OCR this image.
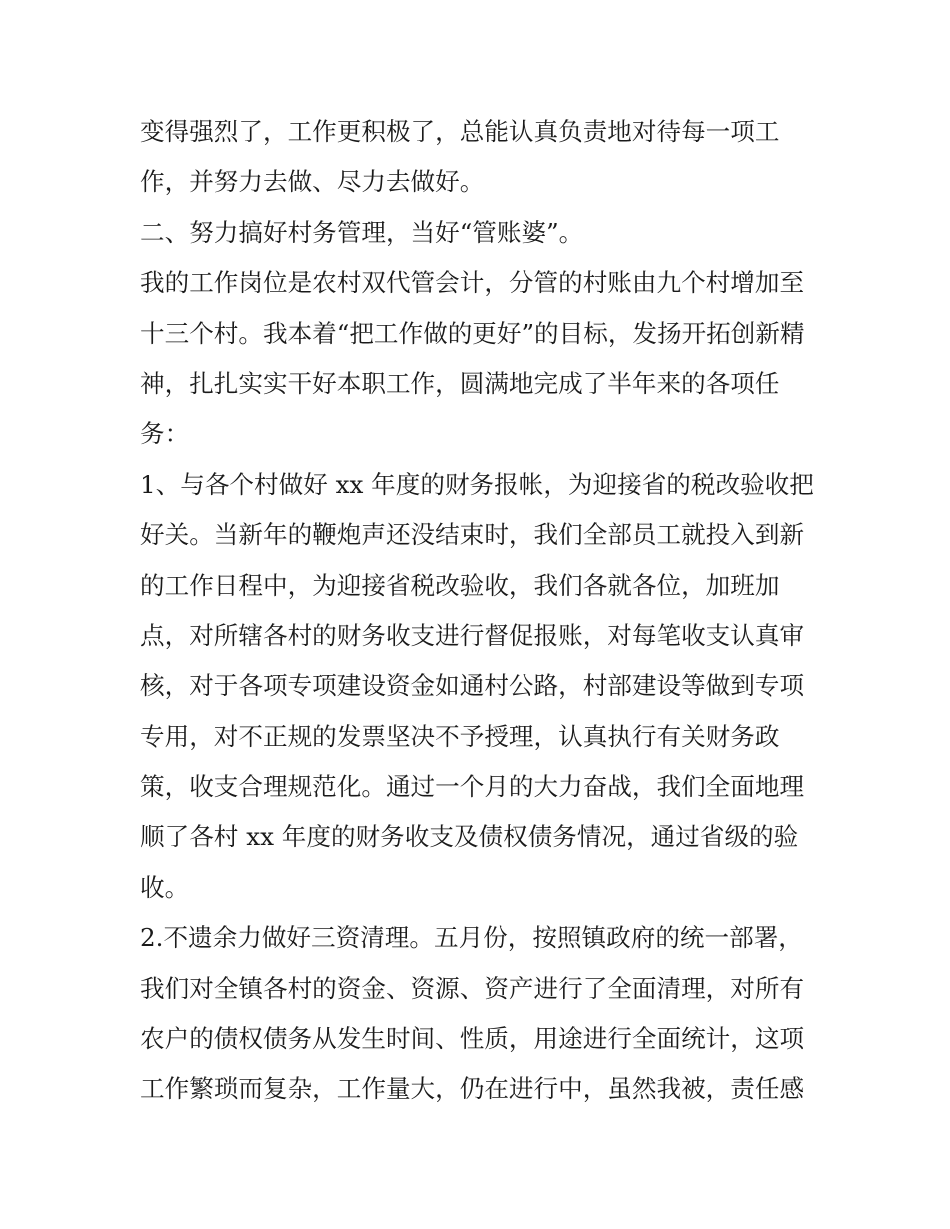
变得强烈了，工作更积极了，总能认真负责地对待每一项工
作，并努力去做、尽力去做好。
二、努力搞好村务管理，当好“管账婆”。
我的工作岗位是农村双代管会计，分管的村账由九个村增加至
十三个村。我本着“把工作做的更好”的目标，发扬开拓创新精
神，扎扎实实干好本职工作，圆满地完成了半年来的各项任
务：
1、与各个村做好 xx 年度的财务报帐，为迎接省的税改验收把
好关。当新年的鞭炮声还没结束时，我们全部员工就投入到新
的工作日程中，为迎接省税改验收，我们各就各位，加班加
点，对所辖各村的财务收支进行督促报账，对每笔收支认真审
核，对于各项专项建设资金如通村公路，村部建设等做到专项
专用，对不正规的发票坚决不予授理，认真执行有关财务政
策，收支合理规范化。通过一个月的大力奋战，我们全面地理
顺了各村 xx 年度的财务收支及债权债务情况，通过省级的验
收。
2.不遗余力做好三资清理。五月份，按照镇政府的统一部署，
我们对全镇各村的资金、资源、资产进行了全面清理，对所有
农户的债权债务从发生时间、性质，用途进行全面统计，这项
工作繁琐而复杂，工作量大，仍在进行中，虽然我被，责任感
